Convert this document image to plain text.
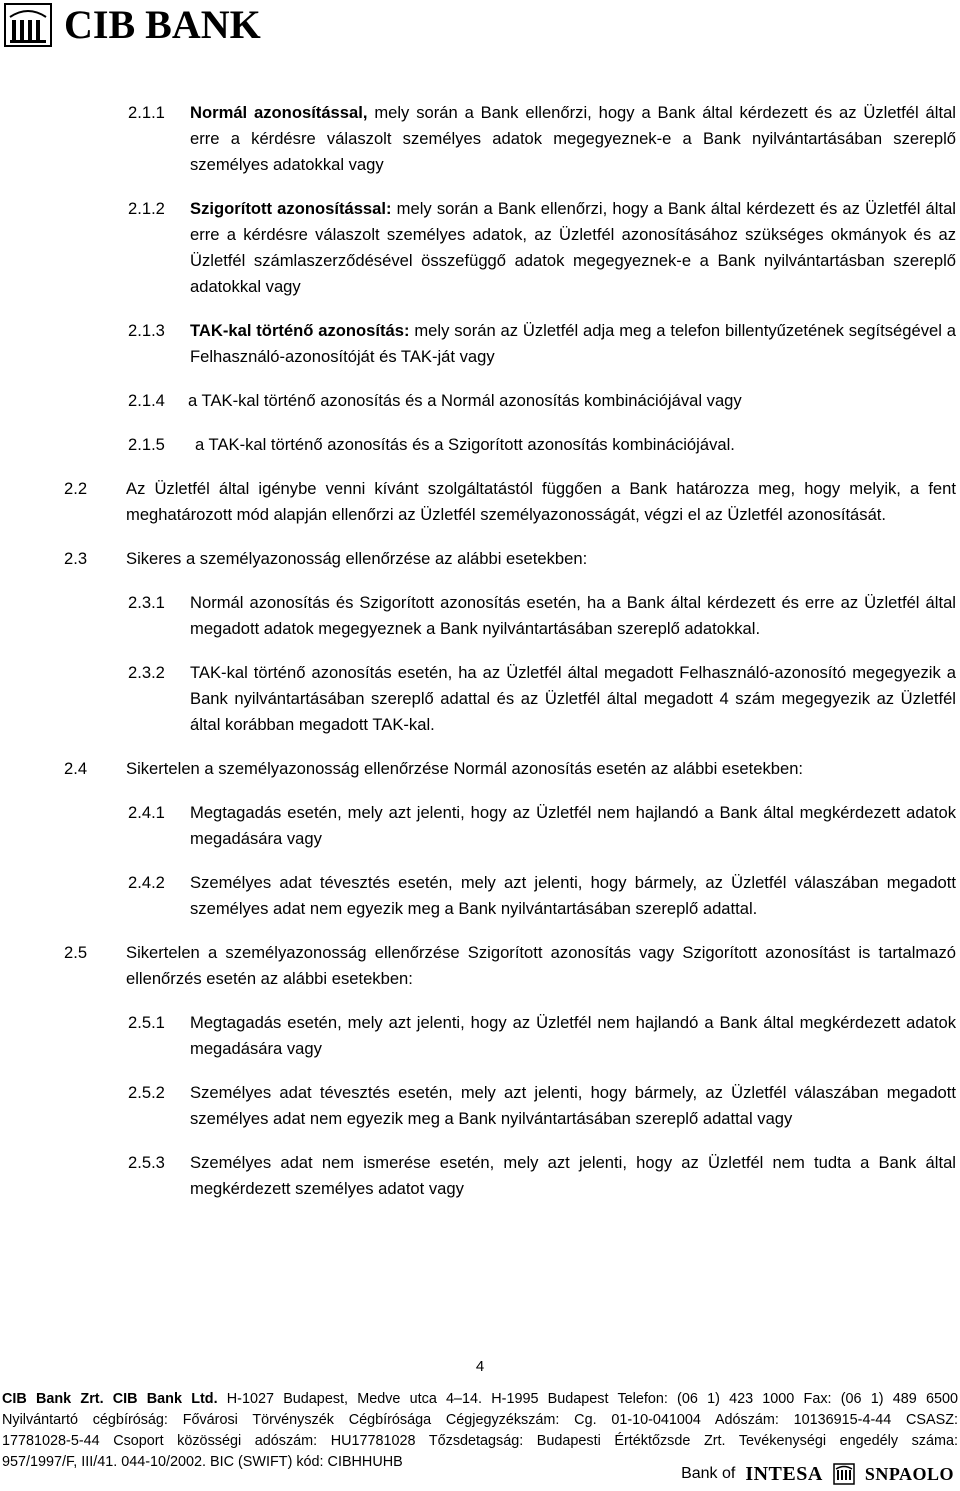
CIB BANK
2.1.1 Normál azonosítással, mely során a Bank ellenőrzi, hogy a Bank által kérdezett és az Üzletfél által erre a kérdésre válaszolt személyes adatok megegyeznek-e a Bank nyilvántartásában szereplő személyes adatokkal vagy
2.1.2 Szigorított azonosítással: mely során a Bank ellenőrzi, hogy a Bank által kérdezett és az Üzletfél által erre a kérdésre válaszolt személyes adatok, az Üzletfél azonosításához szükséges okmányok és az Üzletfél számlaszerződésével összefüggő adatok megegyeznek-e a Bank nyilvántartásban szereplő adatokkal vagy
2.1.3 TAK-kal történő azonosítás: mely során az Üzletfél adja meg a telefon billentyűzetének segítségével a Felhasználó-azonosítóját és TAK-ját vagy
2.1.4 a TAK-kal történő azonosítás és a Normál azonosítás kombinációjával vagy
2.1.5 a TAK-kal történő azonosítás és a Szigorított azonosítás kombinációjával.
2.2 Az Üzletfél által igénybe venni kívánt szolgáltatástól függően a Bank határozza meg, hogy melyik, a fent meghatározott mód alapján ellenőrzi az Üzletfél személyazonosságát, végzi el az Üzletfél azonosítását.
2.3 Sikeres a személyazonosság ellenőrzése az alábbi esetekben:
2.3.1 Normál azonosítás és Szigorított azonosítás esetén, ha a Bank által kérdezett és erre az Üzletfél által megadott adatok megegyeznek a Bank nyilvántartásában szereplő adatokkal.
2.3.2 TAK-kal történő azonosítás esetén, ha az Üzletfél által megadott Felhasználó-azonosító megegyezik a Bank nyilvántartásában szereplő adattal és az Üzletfél által megadott 4 szám megegyezik az Üzletfél által korábban megadott TAK-kal.
2.4 Sikertelen a személyazonosság ellenőrzése Normál azonosítás esetén az alábbi esetekben:
2.4.1 Megtagadás esetén, mely azt jelenti, hogy az Üzletfél nem hajlandó a Bank által megkérdezett adatok megadására vagy
2.4.2 Személyes adat tévesztés esetén, mely azt jelenti, hogy bármely, az Üzletfél válaszában megadott személyes adat nem egyezik meg a Bank nyilvántartásában szereplő adattal.
2.5 Sikertelen a személyazonosság ellenőrzése Szigorított azonosítás vagy Szigorított azonosítást is tartalmazó ellenőrzés esetén az alábbi esetekben:
2.5.1 Megtagadás esetén, mely azt jelenti, hogy az Üzletfél nem hajlandó a Bank által megkérdezett adatok megadására vagy
2.5.2 Személyes adat tévesztés esetén, mely azt jelenti, hogy bármely, az Üzletfél válaszában megadott személyes adat nem egyezik meg a Bank nyilvántartásában szereplő adattal vagy
2.5.3 Személyes adat nem ismerése esetén, mely azt jelenti, hogy az Üzletfél nem tudta a Bank által megkérdezett személyes adatot vagy
4
CIB Bank Zrt. CIB Bank Ltd. H-1027 Budapest, Medve utca 4–14. H-1995 Budapest Telefon: (06 1) 423 1000 Fax: (06 1) 489 6500
Nyilvántartó cégbíróság: Fővárosi Törvényszék Cégbírósága Cégjegyzékszám: Cg. 01-10-041004 Adószám: 10136915-4-44 CSASZ:
17781028-5-44 Csoport közösségi adószám: HU17781028 Tőzsdetagság: Budapesti Értéktőzsde Zrt. Tevékenységi engedély száma:
957/1997/F, III/41. 044-10/2002. BIC (SWIFT) kód: CIBHHUHB
Bank of INTESA SNPAOLO
